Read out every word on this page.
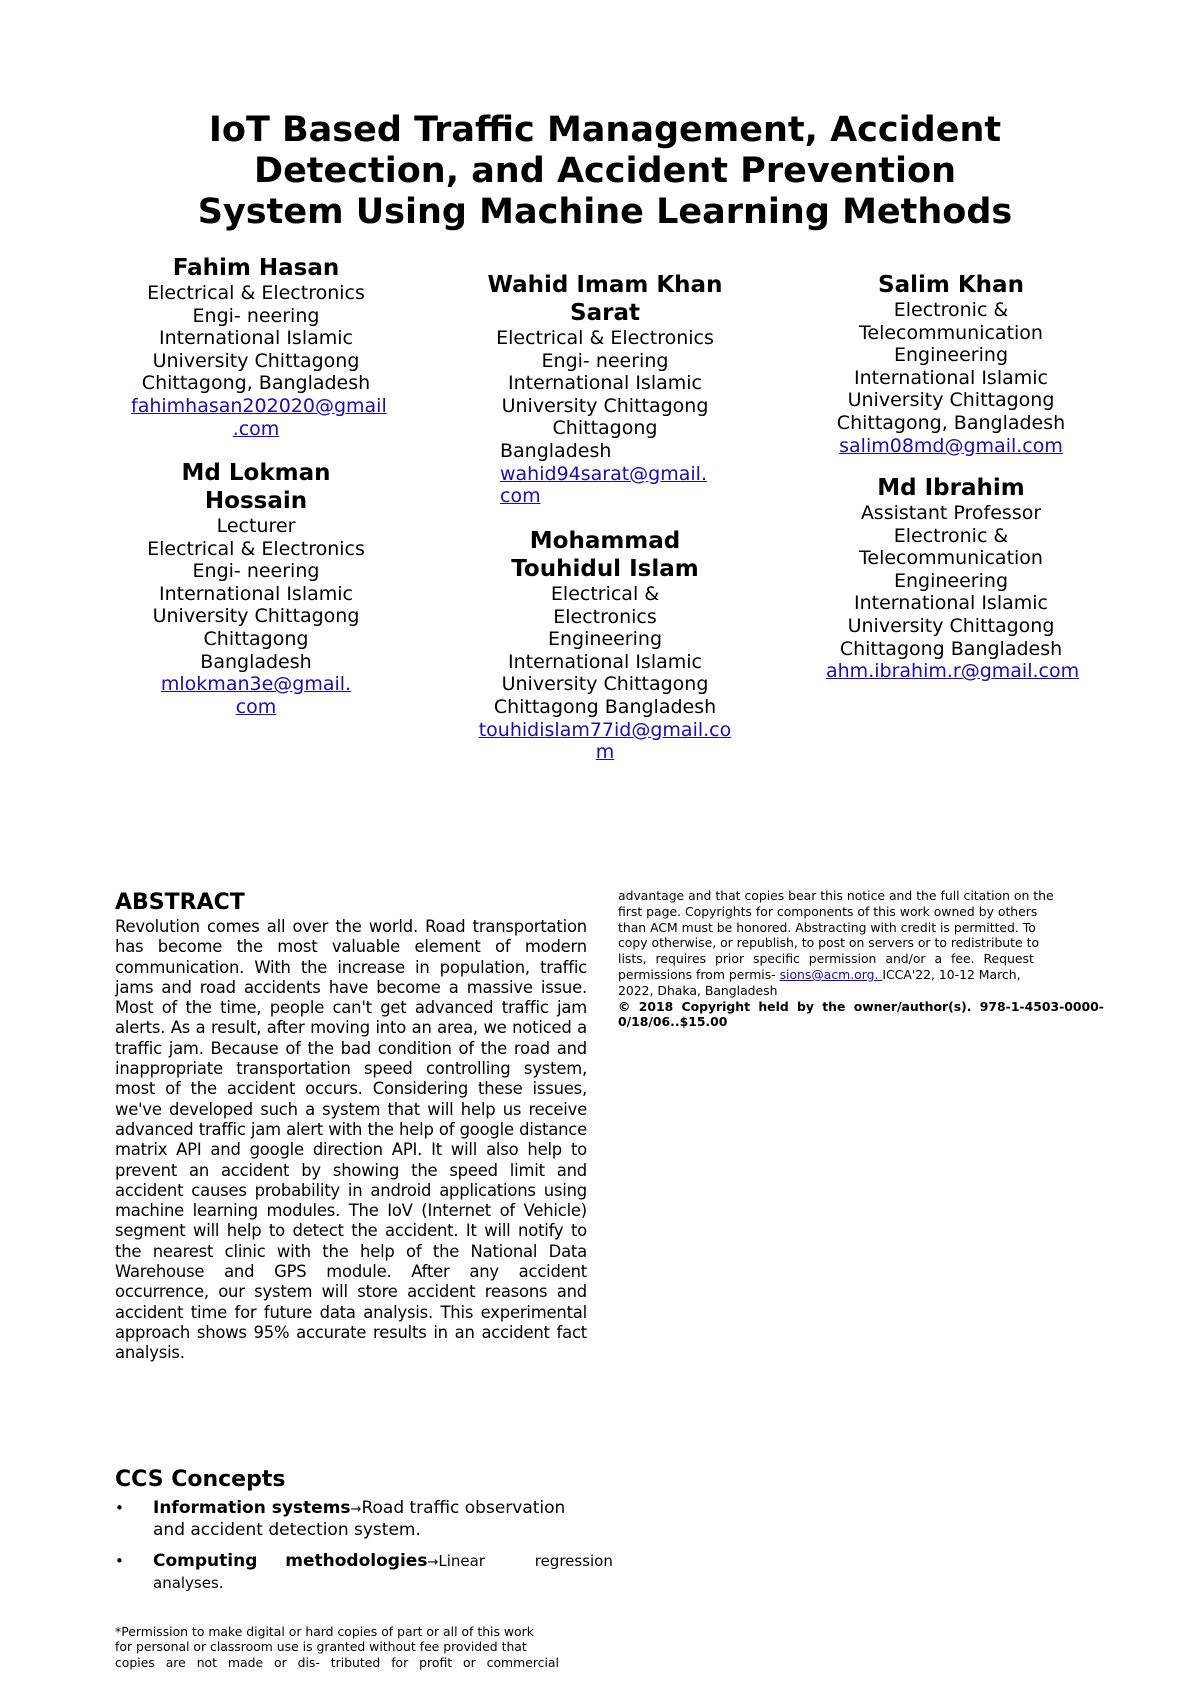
IoT Based Traffic Management, Accident
Detection, and Accident Prevention
System Using Machine Learning Methods
Fahim Hasan
Electrical & Electronics
Engi- neering
International Islamic
University Chittagong
Chittagong, Bangladesh
fahimhasan202020@gmail
.com
Wahid Imam Khan
Sarat
Electrical & Electronics
Engi- neering
International Islamic
University Chittagong
Chittagong
Bangladesh
wahid94sarat@gmail.
com
Salim Khan
Electronic &
Telecommunication
Engineering
International Islamic
University Chittagong
Chittagong, Bangladesh
salim08md@gmail.com
Md Lokman
Hossain
Lecturer
Electrical & Electronics
Engi- neering
International Islamic
University Chittagong
Chittagong
Bangladesh
mlokman3e@gmail.
com
Mohammad
Touhidul Islam
Electrical &
Electronics
Engineering
International Islamic
University Chittagong
Chittagong Bangladesh
touhidislam77id@gmail.co
m
Md Ibrahim
Assistant Professor
Electronic &
Telecommunication
Engineering
International Islamic
University Chittagong
Chittagong Bangladesh
ahm.ibrahim.r@gmail.com
ABSTRACT
Revolution comes all over the world. Road transportation has become the most valuable element of modern communication. With the increase in population, traffic jams and road accidents have become a massive issue. Most of the time, people can't get advanced traffic jam alerts. As a result, after moving into an area, we noticed a traffic jam. Because of the bad condition of the road and inappropriate transportation speed controlling system, most of the accident occurs. Considering these issues, we've developed such a system that will help us receive advanced traffic jam alert with the help of google distance matrix API and google direction API. It will also help to prevent an accident by showing the speed limit and accident causes probability in android applications using machine learning modules. The IoV (Internet of Vehicle) segment will help to detect the accident. It will notify to the nearest clinic with the help of the National Data Warehouse and GPS module. After any accident occurrence, our system will store accident reasons and accident time for future data analysis. This experimental approach shows 95% accurate results in an accident fact analysis.
CCS Concepts
• Information systems→Road traffic observation
and accident detection system.
• Computing methodologies →Linear regression
analyses.
*Permission to make digital or hard copies of part or all of this work
for personal or classroom use is granted without fee provided that
copies are not made or dis- tributed for profit or commercial
advantage and that copies bear this notice and the full citation on the
first page. Copyrights for components of this work owned by others
than ACM must be honored. Abstracting with credit is permitted. To
copy otherwise, or republish, to post on servers or to redistribute to
lists, requires prior specific permission and/or a fee. Request
permissions from permis- sions@acm.org. ICCA'22, 10-12 March,
2022, Dhaka, Bangladesh
© 2018 Copyright held by the owner/author(s). 978-1-4503-0000-
0/18/06..$15.00
